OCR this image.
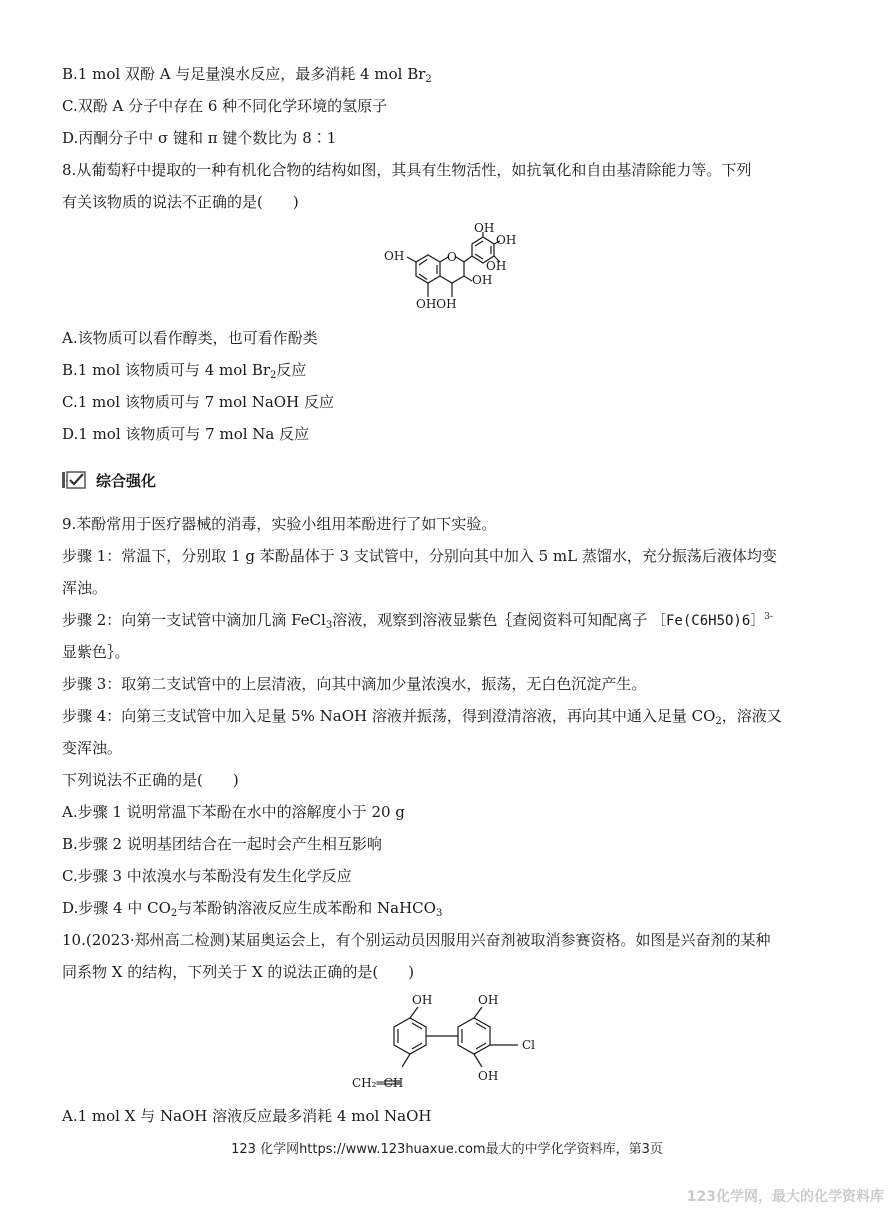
B.1 mol 双酚 A 与足量溴水反应，最多消耗 4 mol $Br_2$
C.双酚 A 分子中存在 6 种不同化学环境的氢原子
D.丙酮分子中 σ 键和 π 键个数比为 8∶1
8.从葡萄籽中提取的一种有机化合物的结构如图，其具有生物活性，如抗氧化和自由基清除能力等。下列
有关该物质的说法不正确的是(　　)
OH	O
OH
OH
OH
OH
OHOH
A.该物质可以看作醇类，也可看作酚类
B.1 mol 该物质可与 4 mol $Br_2$反应
C.1 mol 该物质可与 7 mol NaOH 反应
D.1 mol 该物质可与 7 mol Na 反应
综合强化
9.苯酚常用于医疗器械的消毒，实验小组用苯酚进行了如下实验。
步骤 1：常温下，分别取 1 g 苯酚晶体于 3 支试管中，分别向其中加入 5 mL 蒸馏水，充分振荡后液体均变
浑浊。
步骤 2：向第一支试管中滴加几滴 FeCl$_3$溶液，观察到溶液显紫色｛查阅资料可知配离子 ［Fe(C6H5O)6］$^{3-}$
显紫色｝。
步骤 3：取第二支试管中的上层清液，向其中滴加少量浓溴水，振荡，无白色沉淀产生。
步骤 4：向第三支试管中加入足量 5% NaOH 溶液并振荡，得到澄清溶液，再向其中通入足量 $CO_2$，溶液又
变浑浊。
下列说法不正确的是(　　)
A.步骤 1 说明常温下苯酚在水中的溶解度小于 20 g
B.步骤 2 说明基团结合在一起时会产生相互影响
C.步骤 3 中浓溴水与苯酚没有发生化学反应
D.步骤 4 中 $CO_2$与苯酚钠溶液反应生成苯酚和 NaHCO$_3$
10.(2023·郑州高二检测)某届奥运会上，有个别运动员因服用兴奋剂被取消参赛资格。如图是兴奋剂的某种
同系物 X 的结构，下列关于 X 的说法正确的是(　　)
OH	OH
Cl
OH
CH₂═CH
A.1 mol X 与 NaOH 溶液反应最多消耗 4 mol NaOH
123 化学网https://www.123huaxue.com最大的中学化学资料库，第3页
123化学网，最大的化学资料库
